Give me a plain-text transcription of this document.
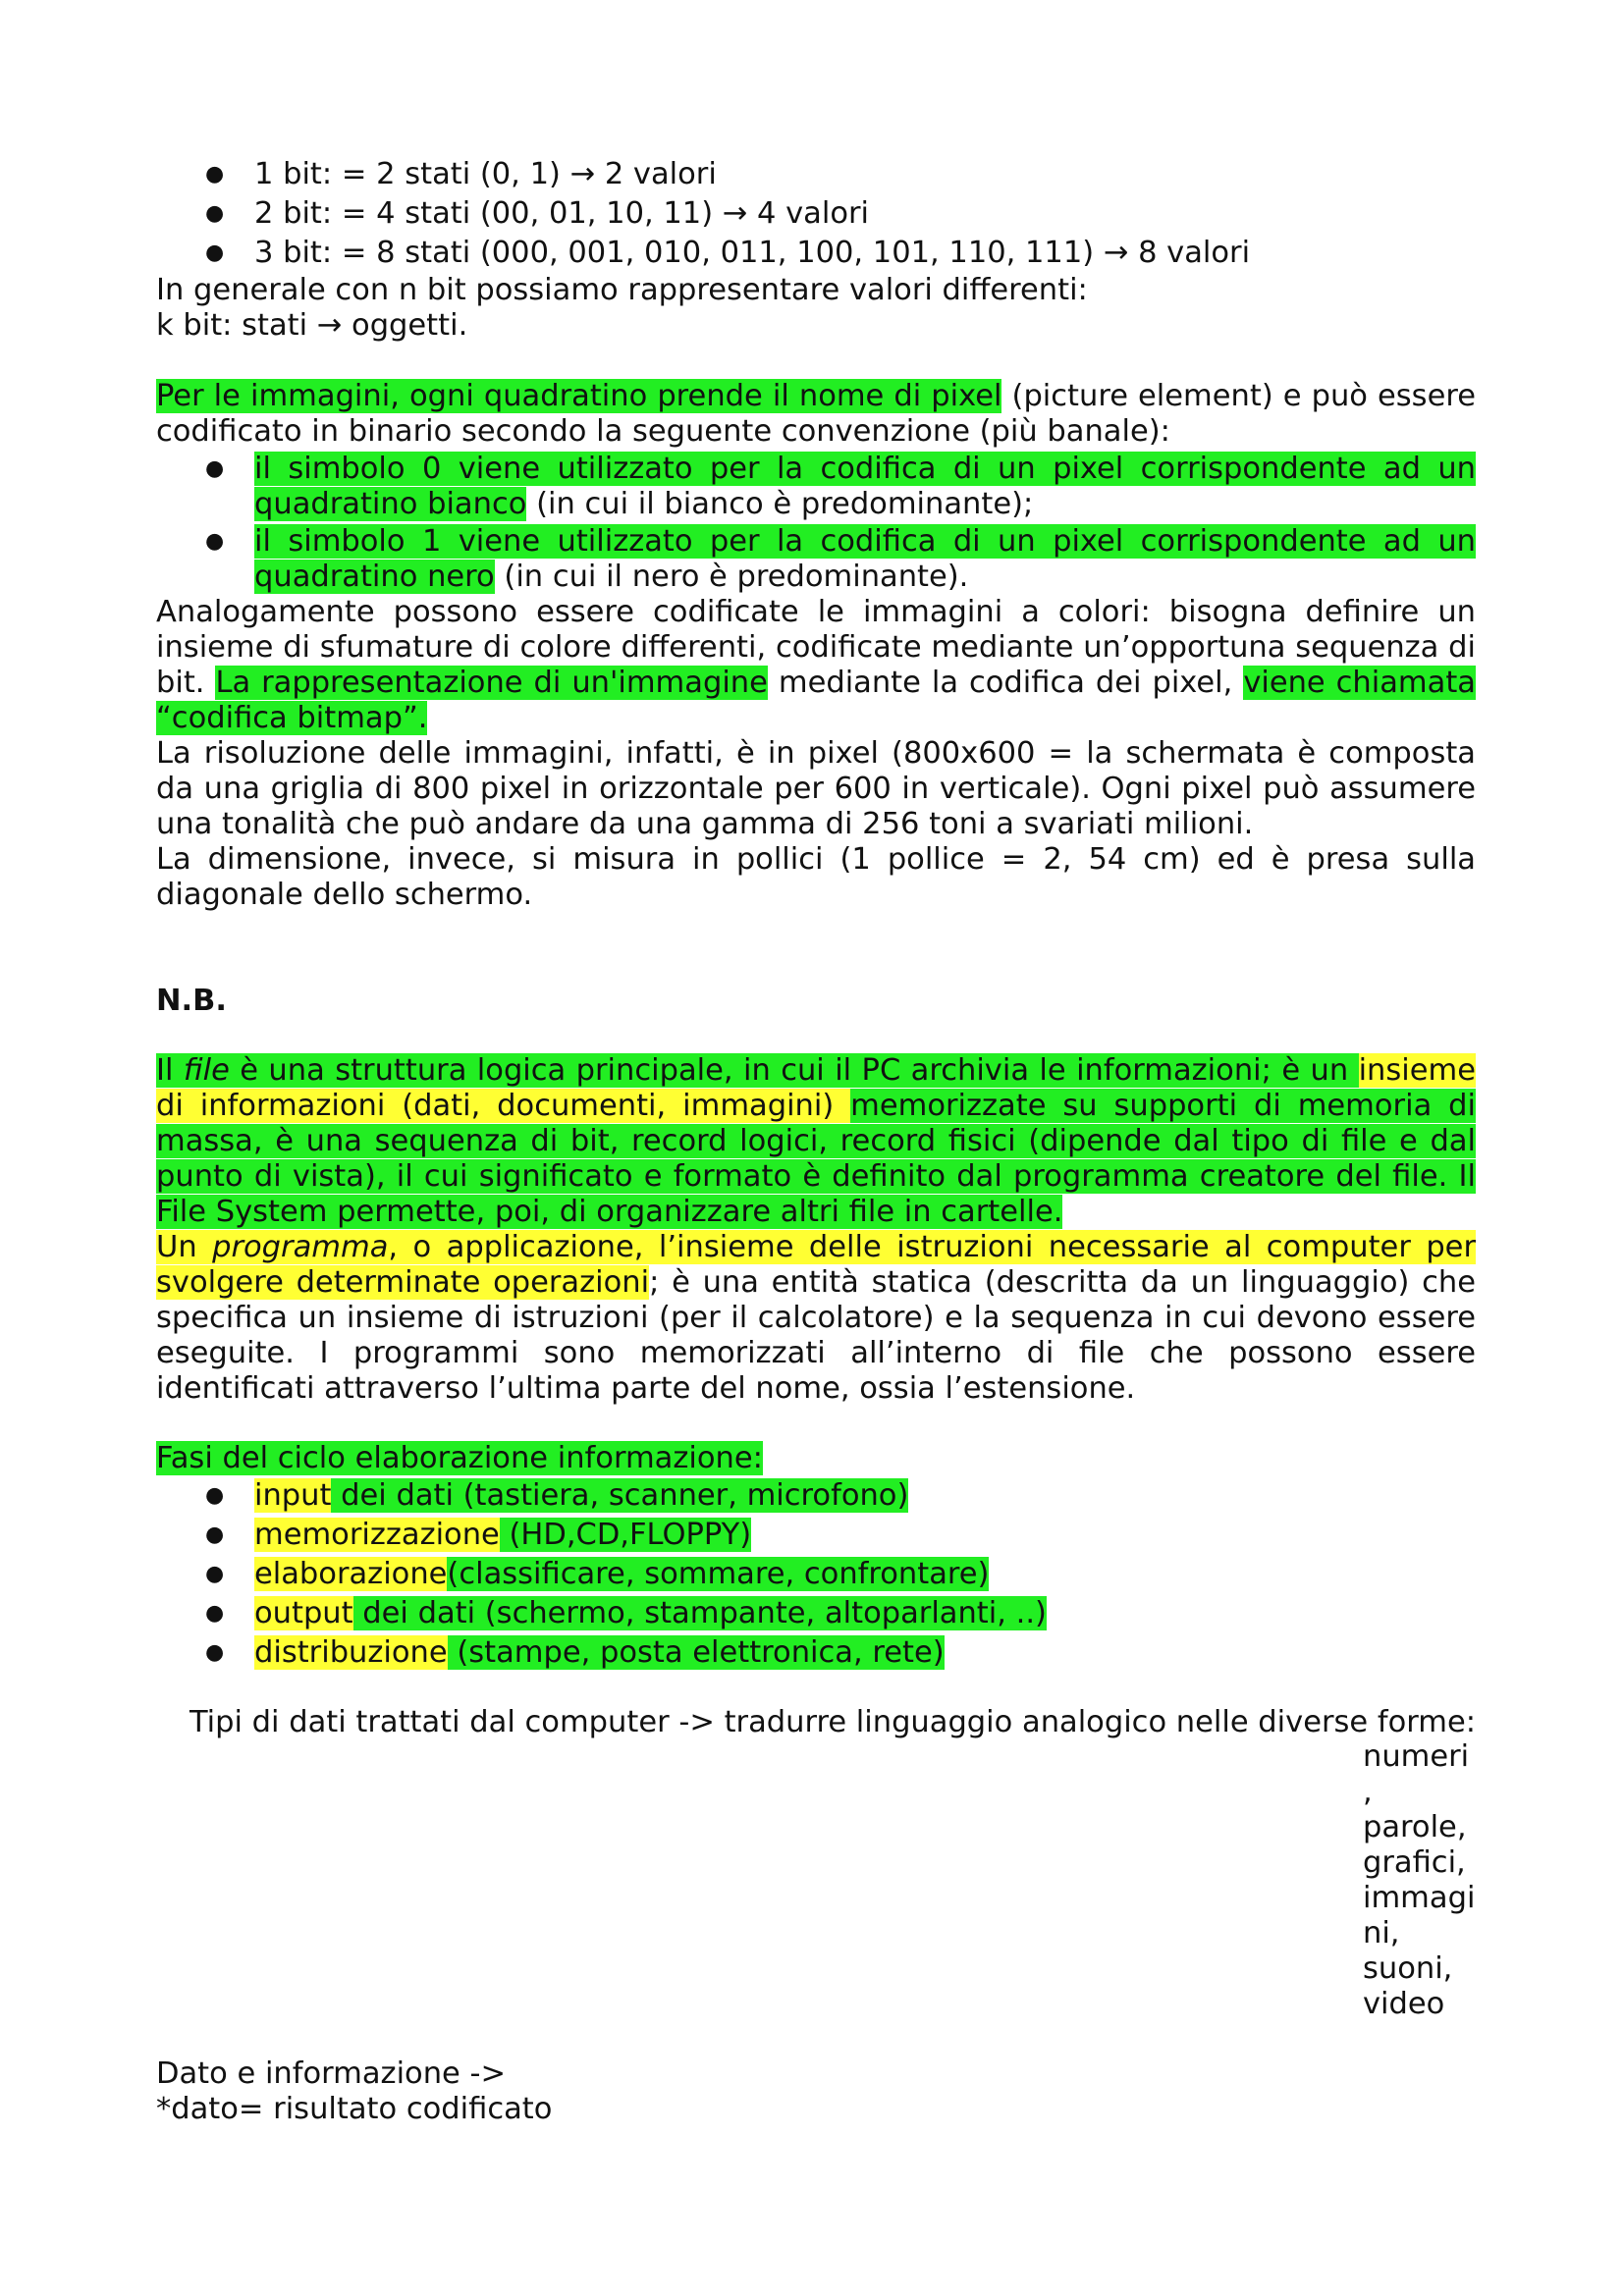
● 1 bit: = 2 stati (0, 1) → 2 valori
● 2 bit: = 4 stati (00, 01, 10, 11) → 4 valori
● 3 bit: = 8 stati (000, 001, 010, 011, 100, 101, 110, 111) → 8 valori

In generale con n bit possiamo rappresentare valori differenti:

k bit: stati → oggetti.

Per le immagini, ogni quadratino prende il nome di pixel (picture element) e può essere codificato in binario secondo la seguente convenzione (più banale):

● il simbolo 0 viene utilizzato per la codifica di un pixel corrispondente ad un quadratino bianco (in cui il bianco è predominante);
● il simbolo 1 viene utilizzato per la codifica di un pixel corrispondente ad un quadratino nero (in cui il nero è predominante).

Analogamente possono essere codificate le immagini a colori: bisogna definire un insieme di sfumature di colore differenti, codificate mediante un’opportuna sequenza di bit. La rappresentazione di un'immagine mediante la codifica dei pixel, viene chiamata “codifica bitmap”.

La risoluzione delle immagini, infatti, è in pixel (800x600 = la schermata è composta da una griglia di 800 pixel in orizzontale per 600 in verticale). Ogni pixel può assumere una tonalità che può andare da una gamma di 256 toni a svariati milioni.

La dimensione, invece, si misura in pollici (1 pollice = 2, 54 cm) ed è presa sulla diagonale dello schermo.

N.B.

Il file è una struttura logica principale, in cui il PC archivia le informazioni; è un insieme di informazioni (dati, documenti, immagini) memorizzate su supporti di memoria di massa, è una sequenza di bit, record logici, record fisici (dipende dal tipo di file e dal punto di vista), il cui significato e formato è definito dal programma creatore del file. Il File System permette, poi, di organizzare altri file in cartelle.

Un programma, o applicazione, l’insieme delle istruzioni necessarie al computer per svolgere determinate operazioni; è una entità statica (descritta da un linguaggio) che specifica un insieme di istruzioni (per il calcolatore) e la sequenza in cui devono essere eseguite. I programmi sono memorizzati all’interno di file che possono essere identificati attraverso l’ultima parte del nome, ossia l’estensione.

Fasi del ciclo elaborazione informazione:

● input dei dati (tastiera, scanner, microfono)
● memorizzazione (HD,CD,FLOPPY)
● elaborazione(classificare, sommare, confrontare)
● output dei dati (schermo, stampante, altoparlanti, ..)
● distribuzione (stampe, posta elettronica, rete)
Tipi di dati trattati dal computer -> tradurre linguaggio analogico nelle diverse forme:
numeri
,
parole,
grafici,
immagi
ni,
suoni,
video

Dato e informazione ->

*dato= risultato codificato
